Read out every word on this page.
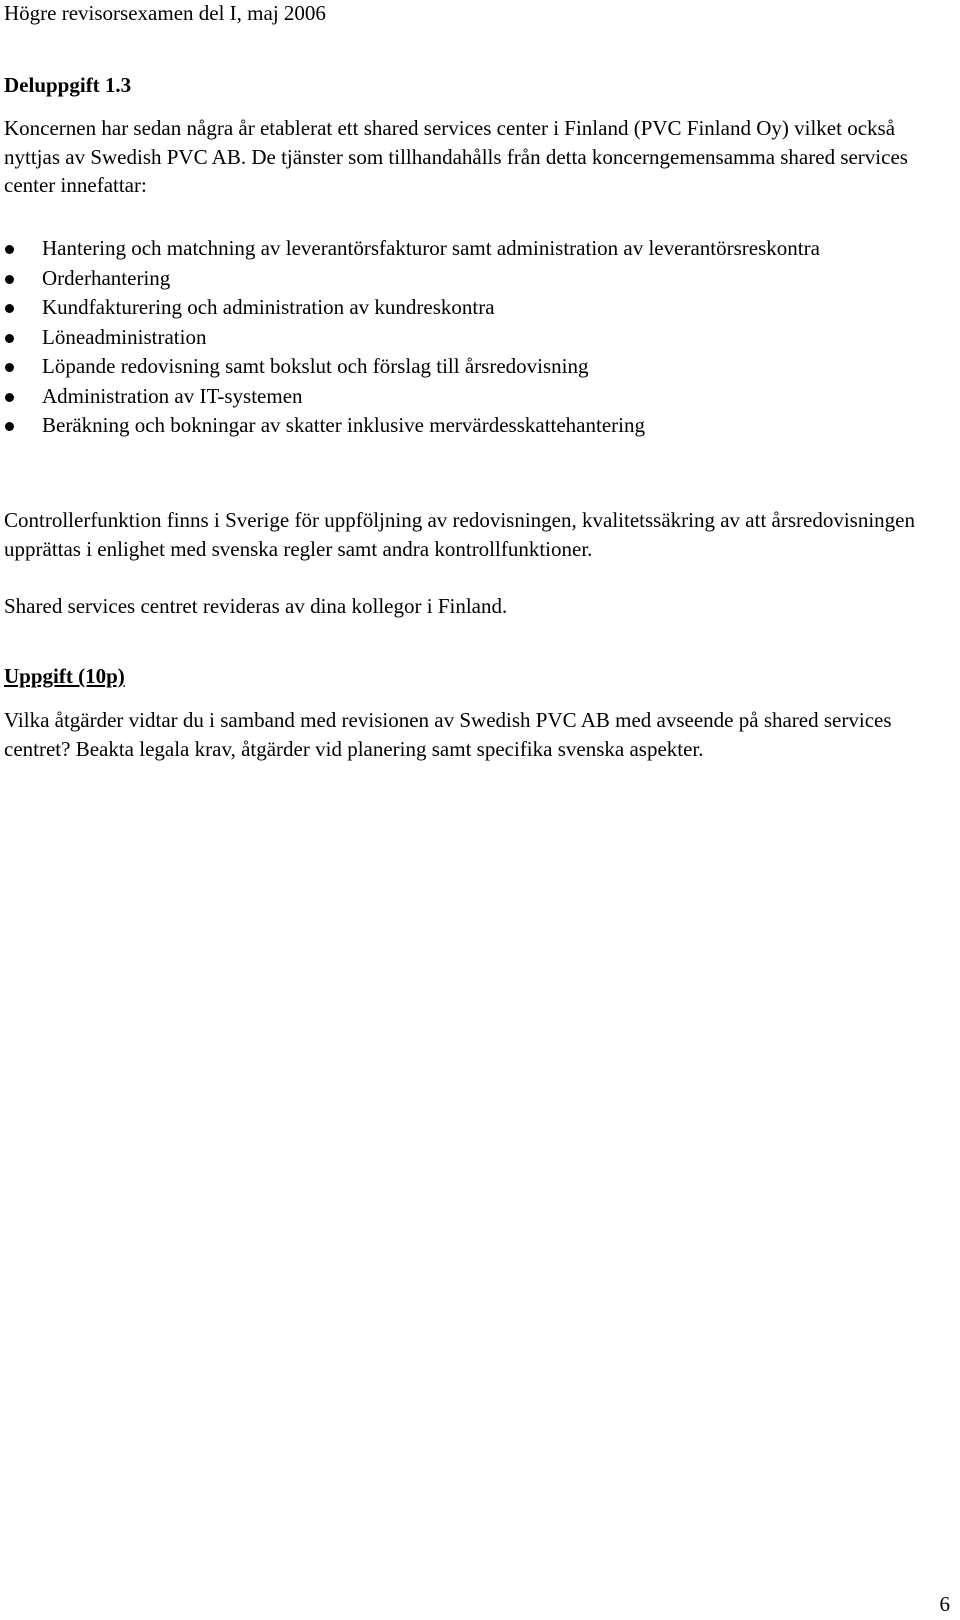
Högre revisorsexamen del I, maj 2006
Deluppgift 1.3

Koncernen har sedan några år etablerat ett shared services center i Finland (PVC Finland Oy) vilket också nyttjas av Swedish PVC AB. De tjänster som tillhandahålls från detta koncerngemensamma shared services center innefattar:

Hantering och matchning av leverantörsfakturor samt administration av leverantörsreskontra
Orderhantering
Kundfakturering och administration av kundreskontra
Löneadministration
Löpande redovisning samt bokslut och förslag till årsredovisning
Administration av IT-systemen
Beräkning och bokningar av skatter inklusive mervärdesskattehantering

Controllerfunktion finns i Sverige för uppföljning av redovisningen, kvalitetssäkring av att årsredovisningen upprättas i enlighet med svenska regler samt andra kontrollfunktioner.

Shared services centret revideras av dina kollegor i Finland.

Uppgift (10p)

Vilka åtgärder vidtar du i samband med revisionen av Swedish PVC AB med avseende på shared services centret? Beakta legala krav, åtgärder vid planering samt specifika svenska aspekter.

6
